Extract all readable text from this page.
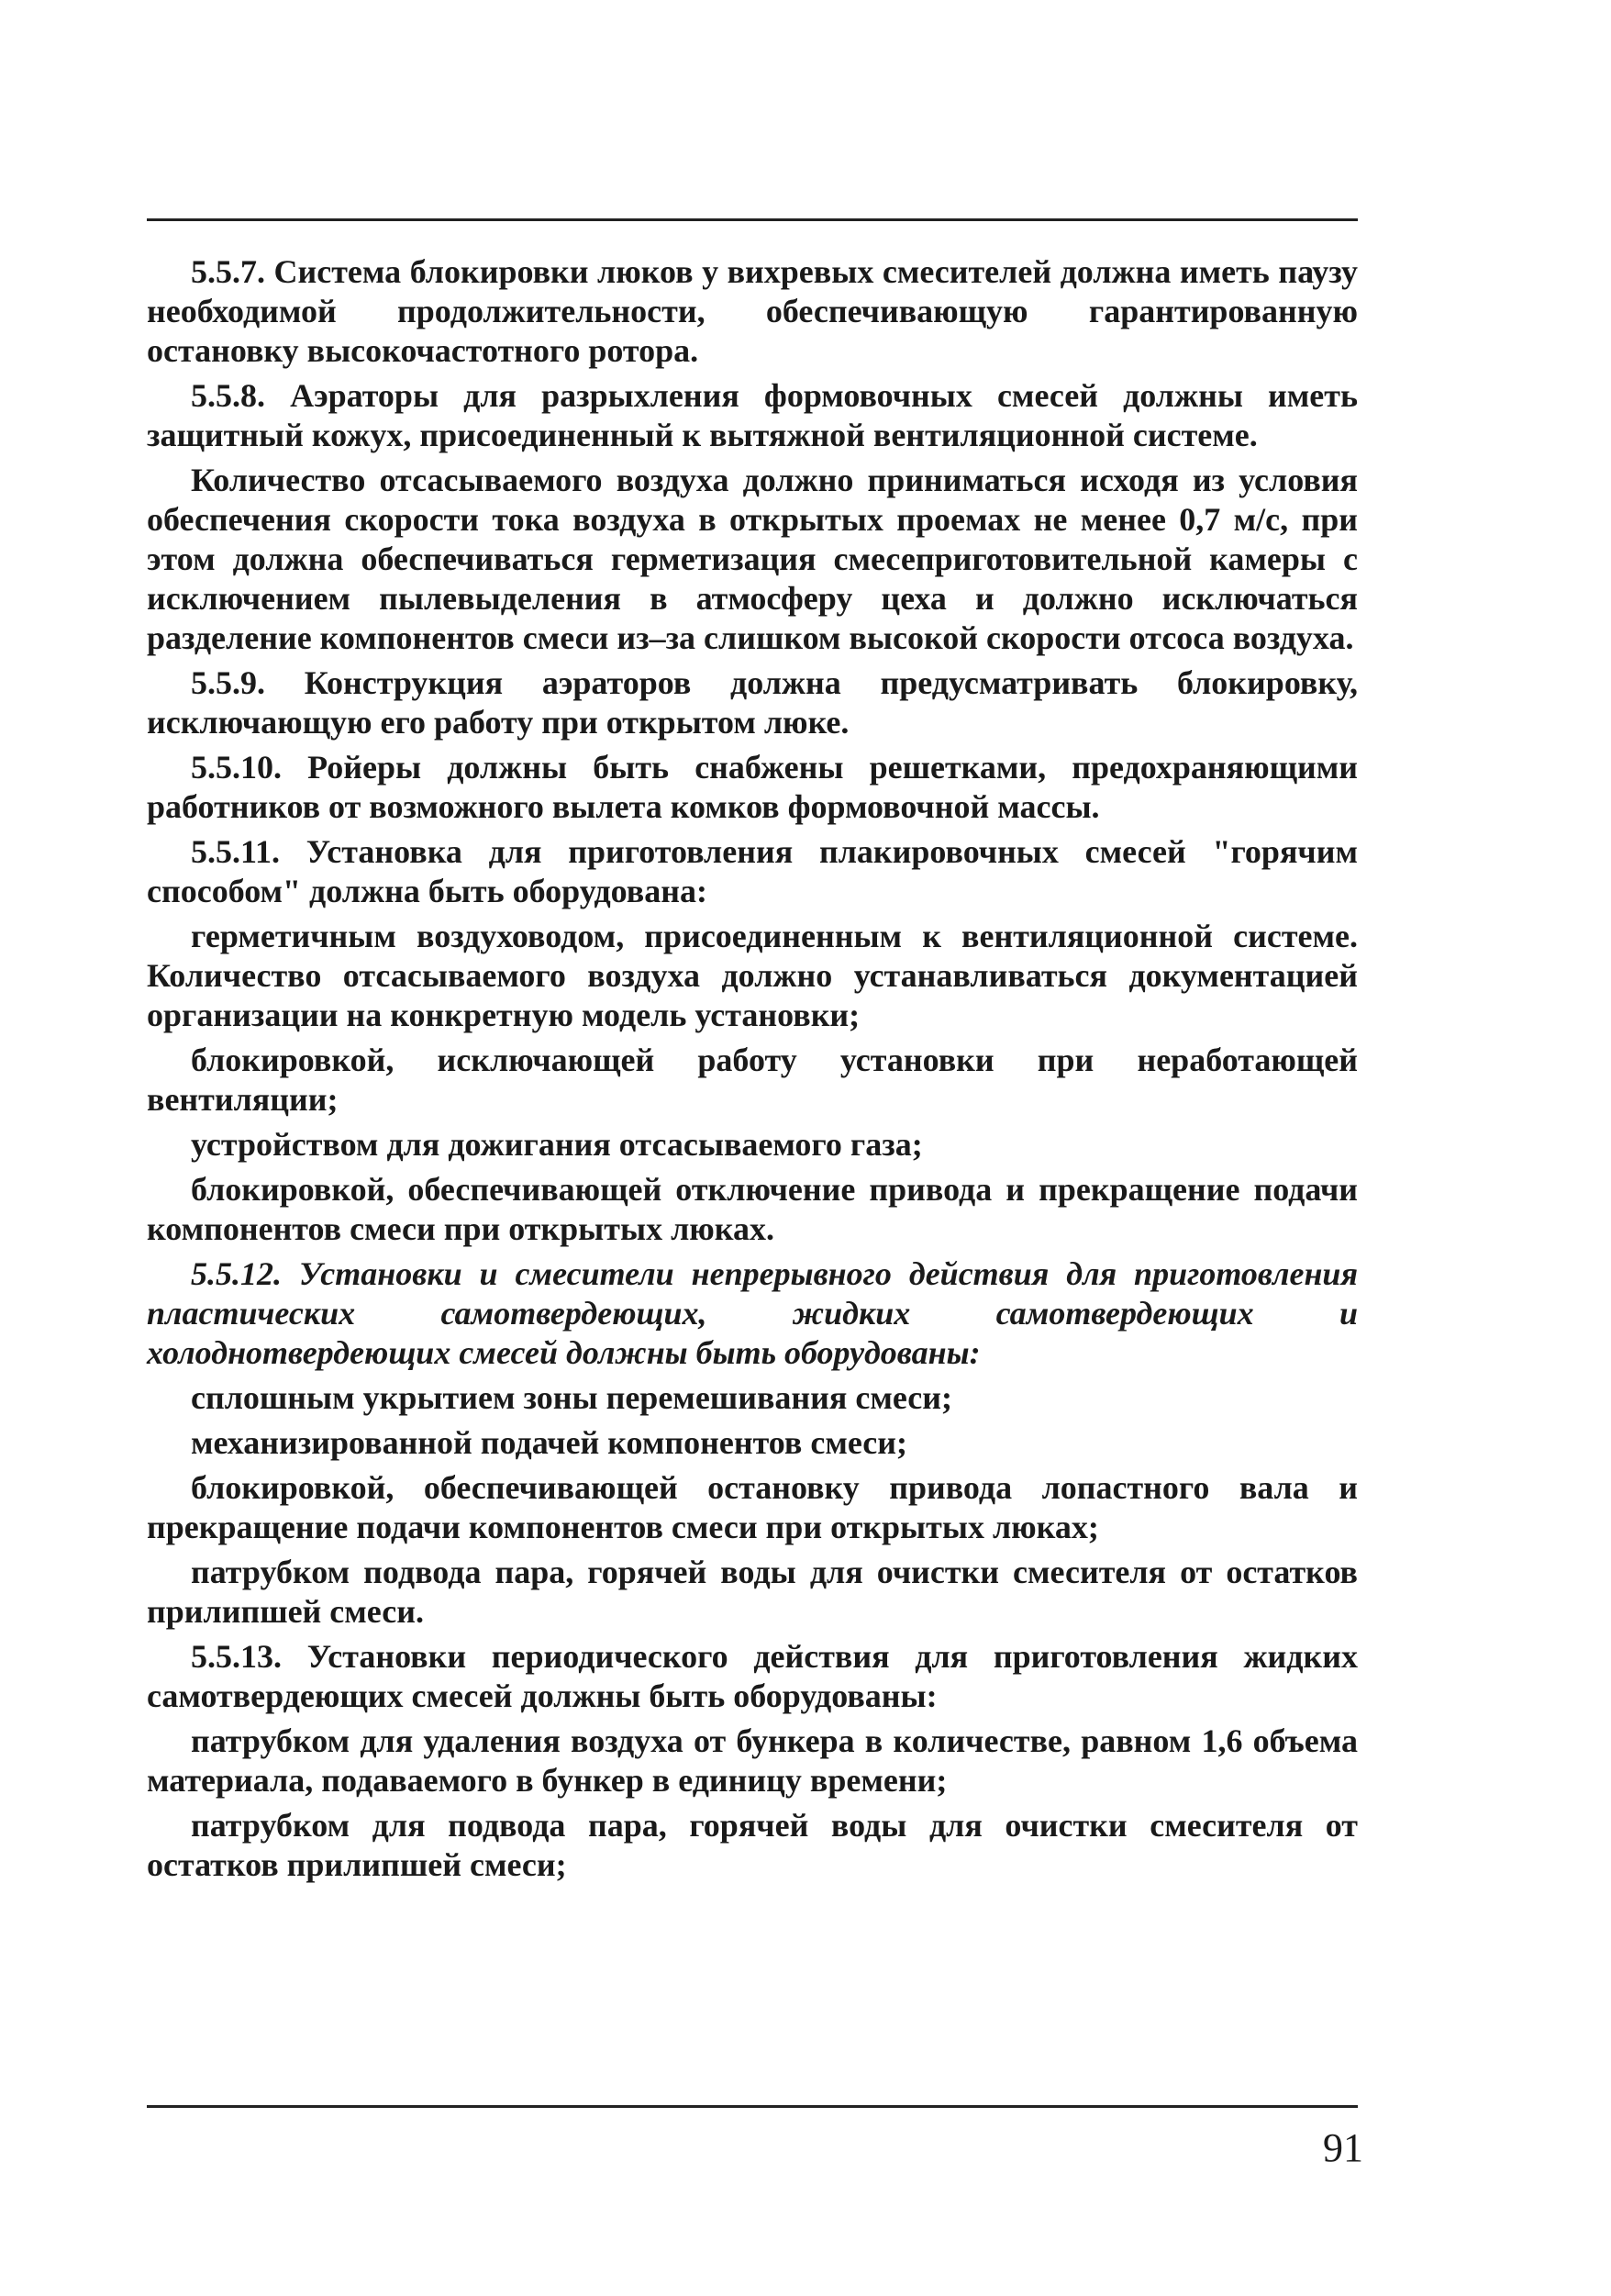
5.5.7. Система блокировки люков у вихревых смесителей должна иметь паузу необходимой продолжительности, обеспечивающую гарантированную остановку высокочастотного ротора.

5.5.8. Аэраторы для разрыхления формовочных смесей должны иметь защитный кожух, присоединенный к вытяжной вентиляционной системе.

Количество отсасываемого воздуха должно приниматься исходя из условия обеспечения скорости тока воздуха в открытых проемах не менее 0,7 м/с, при этом должна обеспечиваться герметизация смесеприготовительной камеры с исключением пылевыделения в атмосферу цеха и должно исключаться разделение компонентов смеси из–за слишком высокой скорости отсоса воздуха.

5.5.9. Конструкция аэраторов должна предусматривать блокировку, исключающую его работу при открытом люке.

5.5.10. Ройеры должны быть снабжены решетками, предохраняющими работников от возможного вылета комков формовочной массы.

5.5.11. Установка для приготовления плакировочных смесей "горячим способом" должна быть оборудована:

герметичным воздуховодом, присоединенным к вентиляционной системе. Количество отсасываемого воздуха должно устанавливаться документацией организации на конкретную модель установки;

блокировкой, исключающей работу установки при неработающей вентиляции;

устройством для дожигания отсасываемого газа;

блокировкой, обеспечивающей отключение привода и прекращение подачи компонентов смеси при открытых люках.

5.5.12. Установки и смесители непрерывного действия для приготовления пластических самотвердеющих, жидких самотвердеющих и холоднотвердеющих смесей должны быть оборудованы:

сплошным укрытием зоны перемешивания смеси;

механизированной подачей компонентов смеси;

блокировкой, обеспечивающей остановку привода лопастного вала и прекращение подачи компонентов смеси при открытых люках;

патрубком подвода пара, горячей воды для очистки смесителя от остатков прилипшей смеси.

5.5.13. Установки периодического действия для приготовления жидких самотвердеющих смесей должны быть оборудованы:

патрубком для удаления воздуха от бункера в количестве, равном 1,6 объема материала, подаваемого в бункер в единицу времени;

патрубком для подвода пара, горячей воды для очистки смесителя от остатков прилипшей смеси;

91
